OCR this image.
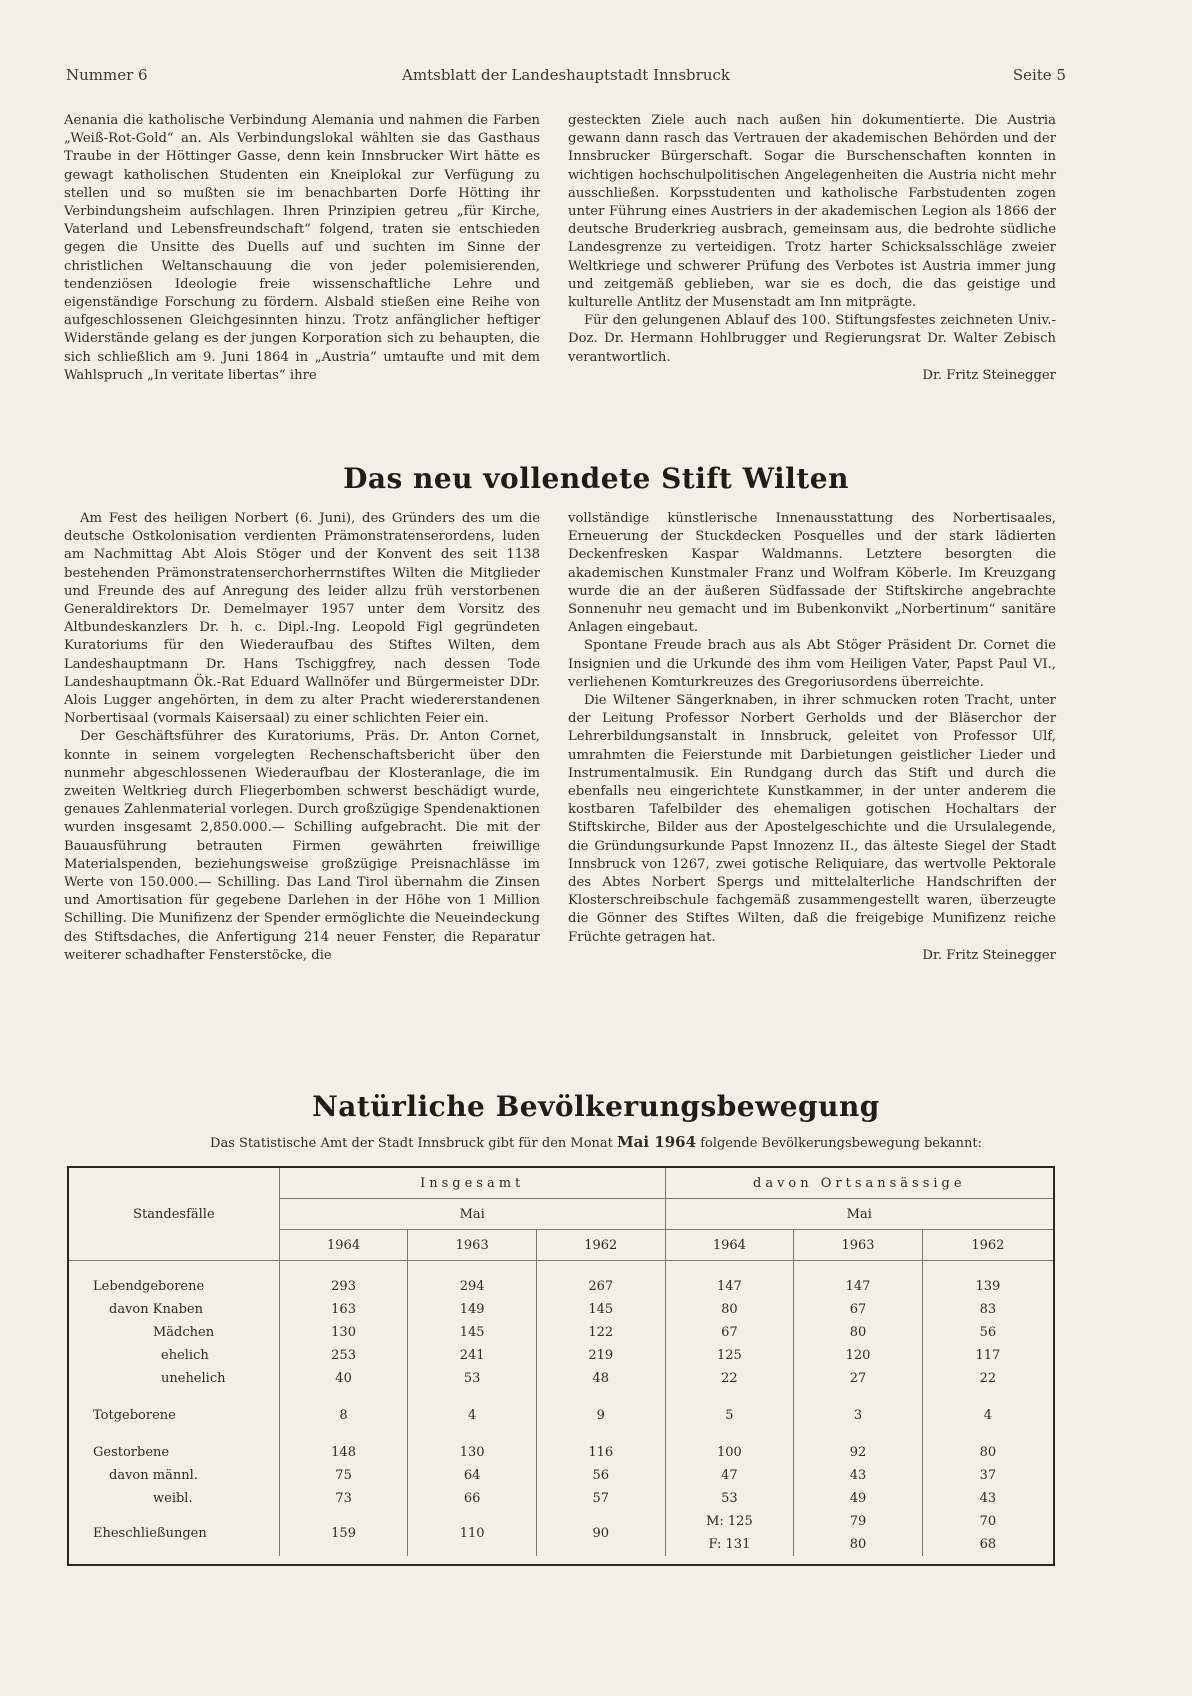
Nummer 6	Amtsblatt der Landeshauptstadt Innsbruck	Seite 5

Aenania die katholische Verbindung Alemania und nahmen die Farben „Weiß-Rot-Gold“ an. Als Verbindungslokal wählten sie das Gasthaus Traube in der Höttinger Gasse, denn kein Innsbrucker Wirt hätte es gewagt katholischen Studenten ein Kneiplokal zur Verfügung zu stellen und so mußten sie im benachbarten Dorfe Hötting ihr Verbindungsheim aufschlagen. Ihren Prinzipien getreu „für Kirche, Vaterland und Lebensfreundschaft“ folgend, traten sie entschieden gegen die Unsitte des Duells auf und suchten im Sinne der christlichen Weltanschauung die von jeder polemisierenden, tendenziösen Ideologie freie wissenschaftliche Lehre und eigenständige Forschung zu fördern. Alsbald stießen eine Reihe von aufgeschlossenen Gleichgesinnten hinzu. Trotz anfänglicher heftiger Widerstände gelang es der jungen Korporation sich zu behaupten, die sich schließlich am 9. Juni 1864 in „Austria“ umtaufte und mit dem Wahlspruch „In veritate libertas“ ihre

gesteckten Ziele auch nach außen hin dokumentierte. Die Austria gewann dann rasch das Vertrauen der akademischen Behörden und der Innsbrucker Bürgerschaft. Sogar die Burschenschaften konnten in wichtigen hochschulpolitischen Angelegenheiten die Austria nicht mehr ausschließen. Korpsstudenten und katholische Farbstudenten zogen unter Führung eines Austriers in der akademischen Legion als 1866 der deutsche Bruderkrieg ausbrach, gemeinsam aus, die bedrohte südliche Landesgrenze zu verteidigen. Trotz harter Schicksalsschläge zweier Weltkriege und schwerer Prüfung des Verbotes ist Austria immer jung und zeitgemäß geblieben, war sie es doch, die das geistige und kulturelle Antlitz der Musenstadt am Inn mitprägte.

Für den gelungenen Ablauf des 100. Stiftungsfestes zeichneten Univ.-Doz. Dr. Hermann Hohlbrugger und Regierungsrat Dr. Walter Zebisch verantwortlich.

Dr. Fritz Steinegger

Das neu vollendete Stift Wilten

Am Fest des heiligen Norbert (6. Juni), des Gründers des um die deutsche Ostkolonisation verdienten Prämonstratenserordens, luden am Nachmittag Abt Alois Stöger und der Konvent des seit 1138 bestehenden Prämonstratenserchorherrnstiftes Wilten die Mitglieder und Freunde des auf Anregung des leider allzu früh verstorbenen Generaldirektors Dr. Demelmayer 1957 unter dem Vorsitz des Altbundeskanzlers Dr. h. c. Dipl.-Ing. Leopold Figl gegründeten Kuratoriums für den Wiederaufbau des Stiftes Wilten, dem Landeshauptmann Dr. Hans Tschiggfrey, nach dessen Tode Landeshauptmann Ök.-Rat Eduard Wallnöfer und Bürgermeister DDr. Alois Lugger angehörten, in dem zu alter Pracht wiedererstandenen Norbertisaal (vormals Kaisersaal) zu einer schlichten Feier ein.

Der Geschäftsführer des Kuratoriums, Präs. Dr. Anton Cornet, konnte in seinem vorgelegten Rechenschaftsbericht über den nunmehr abgeschlossenen Wiederaufbau der Klosteranlage, die im zweiten Weltkrieg durch Fliegerbomben schwerst beschädigt wurde, genaues Zahlenmaterial vorlegen. Durch großzügige Spendenaktionen wurden insgesamt 2,850.000.— Schilling aufgebracht. Die mit der Bauausführung betrauten Firmen gewährten freiwillige Materialspenden, beziehungsweise großzügige Preisnachlässe im Werte von 150.000.— Schilling. Das Land Tirol übernahm die Zinsen und Amortisation für gegebene Darlehen in der Höhe von 1 Million Schilling. Die Munifizenz der Spender ermöglichte die Neueindeckung des Stiftsdaches, die Anfertigung 214 neuer Fenster, die Reparatur weiterer schadhafter Fensterstöcke, die

vollständige künstlerische Innenausstattung des Norbertisaales, Erneuerung der Stuckdecken Posquelles und der stark lädierten Deckenfresken Kaspar Waldmanns. Letztere besorgten die akademischen Kunstmaler Franz und Wolfram Köberle. Im Kreuzgang wurde die an der äußeren Südfassade der Stiftskirche angebrachte Sonnenuhr neu gemacht und im Bubenkonvikt „Norbertinum“ sanitäre Anlagen eingebaut.

Spontane Freude brach aus als Abt Stöger Präsident Dr. Cornet die Insignien und die Urkunde des ihm vom Heiligen Vater, Papst Paul VI., verliehenen Komturkreuzes des Gregoriusordens überreichte.

Die Wiltener Sängerknaben, in ihrer schmucken roten Tracht, unter der Leitung Professor Norbert Gerholds und der Bläserchor der Lehrerbildungsanstalt in Innsbruck, geleitet von Professor Ulf, umrahmten die Feierstunde mit Darbietungen geistlicher Lieder und Instrumentalmusik. Ein Rundgang durch das Stift und durch die ebenfalls neu eingerichtete Kunstkammer, in der unter anderem die kostbaren Tafelbilder des ehemaligen gotischen Hochaltars der Stiftskirche, Bilder aus der Apostelgeschichte und die Ursulalegende, die Gründungsurkunde Papst Innozenz II., das älteste Siegel der Stadt Innsbruck von 1267, zwei gotische Reliquiare, das wertvolle Pektorale des Abtes Norbert Spergs und mittelalterliche Handschriften der Klosterschreibschule fachgemäß zusammengestellt waren, überzeugte die Gönner des Stiftes Wilten, daß die freigebige Munifizenz reiche Früchte getragen hat.

Dr. Fritz Steinegger

Natürliche Bevölkerungsbewegung
Das Statistische Amt der Stadt Innsbruck gibt für den Monat Mai 1964 folgende Bevölkerungsbewegung bekannt:
Standesfälle	Insgesamt			davon Ortsansässige		
	Mai			Mai		
	1964	1963	1962	1964	1963	1962

Lebendgeborene	293	294	267	147	147	139
davon Knaben	163	149	145	80	67	83
Mädchen	130	145	122	67	80	56
ehelich	253	241	219	125	120	117
unehelich	40	53	48	22	27	22

Totgeborene	8	4	9	5	3	4

Gestorbene	148	130	116	100	92	80
davon männl.	75	64	56	47	43	37
weibl.	73	66	57	53	49	43
Eheschließungen	159	110	90	M: 125	79	70
				F: 131	80	68
